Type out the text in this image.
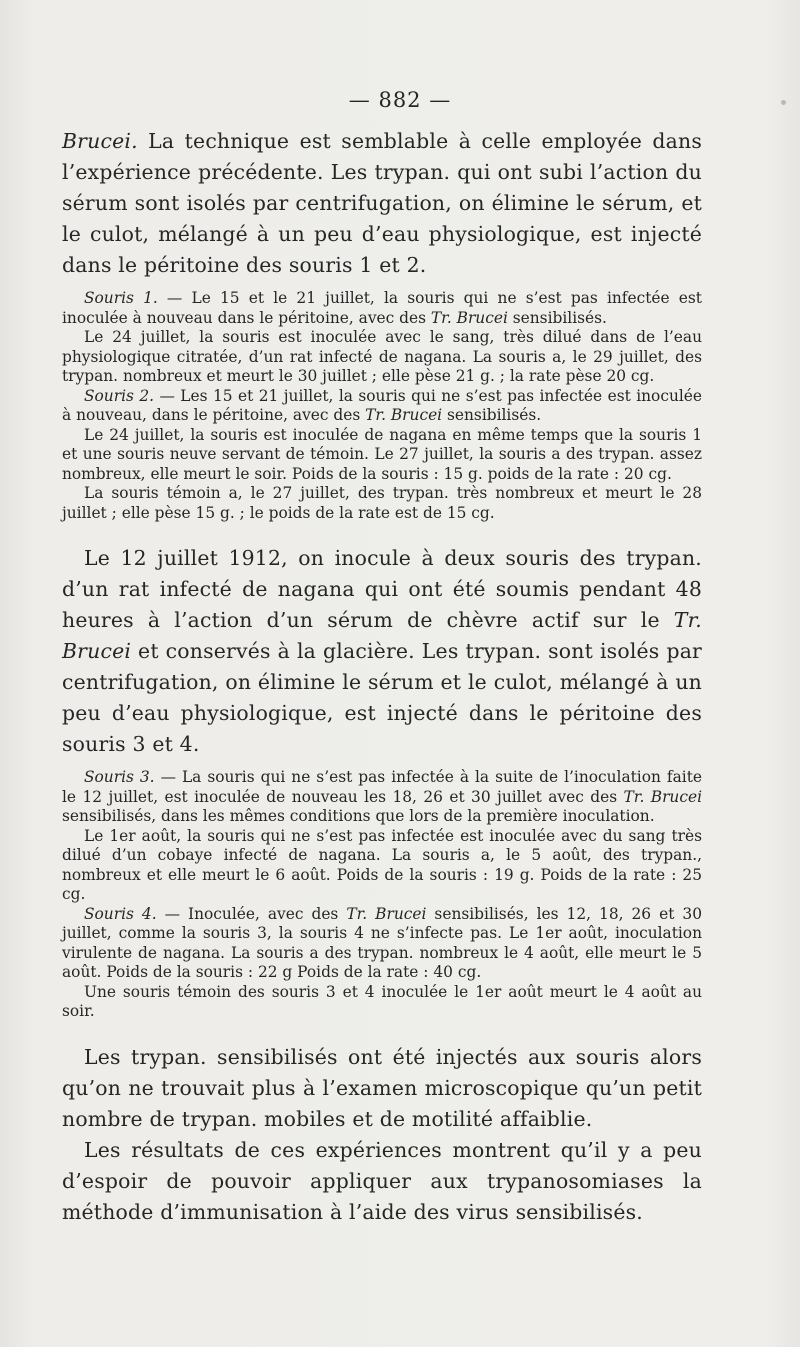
— 882 —

Brucei. La technique est semblable à celle employée dans l’expérience précédente. Les trypan. qui ont subi l’action du sérum sont isolés par centrifugation, on élimine le sérum, et le culot, mélangé à un peu d’eau physiologique, est injecté dans le péritoine des souris 1 et 2.

Souris 1. — Le 15 et le 21 juillet, la souris qui ne s’est pas infectée est inoculée à nouveau dans le péritoine, avec des Tr. Brucei sensibilisés.

Le 24 juillet, la souris est inoculée avec le sang, très dilué dans de l’eau physiologique citratée, d’un rat infecté de nagana. La souris a, le 29 juillet, des trypan. nombreux et meurt le 30 juillet ; elle pèse 21 g. ; la rate pèse 20 cg.

Souris 2. — Les 15 et 21 juillet, la souris qui ne s’est pas infectée est inoculée à nouveau, dans le péritoine, avec des Tr. Brucei sensibilisés.

Le 24 juillet, la souris est inoculée de nagana en même temps que la souris 1 et une souris neuve servant de témoin. Le 27 juillet, la souris a des trypan. assez nombreux, elle meurt le soir. Poids de la souris : 15 g. poids de la rate : 20 cg.

La souris témoin a, le 27 juillet, des trypan. très nombreux et meurt le 28 juillet ; elle pèse 15 g. ; le poids de la rate est de 15 cg.

Le 12 juillet 1912, on inocule à deux souris des trypan. d’un rat infecté de nagana qui ont été soumis pendant 48 heures à l’action d’un sérum de chèvre actif sur le Tr. Brucei et conservés à la glacière. Les trypan. sont isolés par centrifugation, on élimine le sérum et le culot, mélangé à un peu d’eau physiologique, est injecté dans le péritoine des souris 3 et 4.

Souris 3. — La souris qui ne s’est pas infectée à la suite de l’inoculation faite le 12 juillet, est inoculée de nouveau les 18, 26 et 30 juillet avec des Tr. Brucei sensibilisés, dans les mêmes conditions que lors de la première inoculation.

Le 1er août, la souris qui ne s’est pas infectée est inoculée avec du sang très dilué d’un cobaye infecté de nagana. La souris a, le 5 août, des trypan., nombreux et elle meurt le 6 août. Poids de la souris : 19 g. Poids de la rate : 25 cg.

Souris 4. — Inoculée, avec des Tr. Brucei sensibilisés, les 12, 18, 26 et 30 juillet, comme la souris 3, la souris 4 ne s’infecte pas. Le 1er août, inoculation virulente de nagana. La souris a des trypan. nombreux le 4 août, elle meurt le 5 août. Poids de la souris : 22 g Poids de la rate : 40 cg.

Une souris témoin des souris 3 et 4 inoculée le 1er août meurt le 4 août au soir.

Les trypan. sensibilisés ont été injectés aux souris alors qu’on ne trouvait plus à l’examen microscopique qu’un petit nombre de trypan. mobiles et de motilité affaiblie.

Les résultats de ces expériences montrent qu’il y a peu d’espoir de pouvoir appliquer aux trypanosomiases la méthode d’immunisation à l’aide des virus sensibilisés.
